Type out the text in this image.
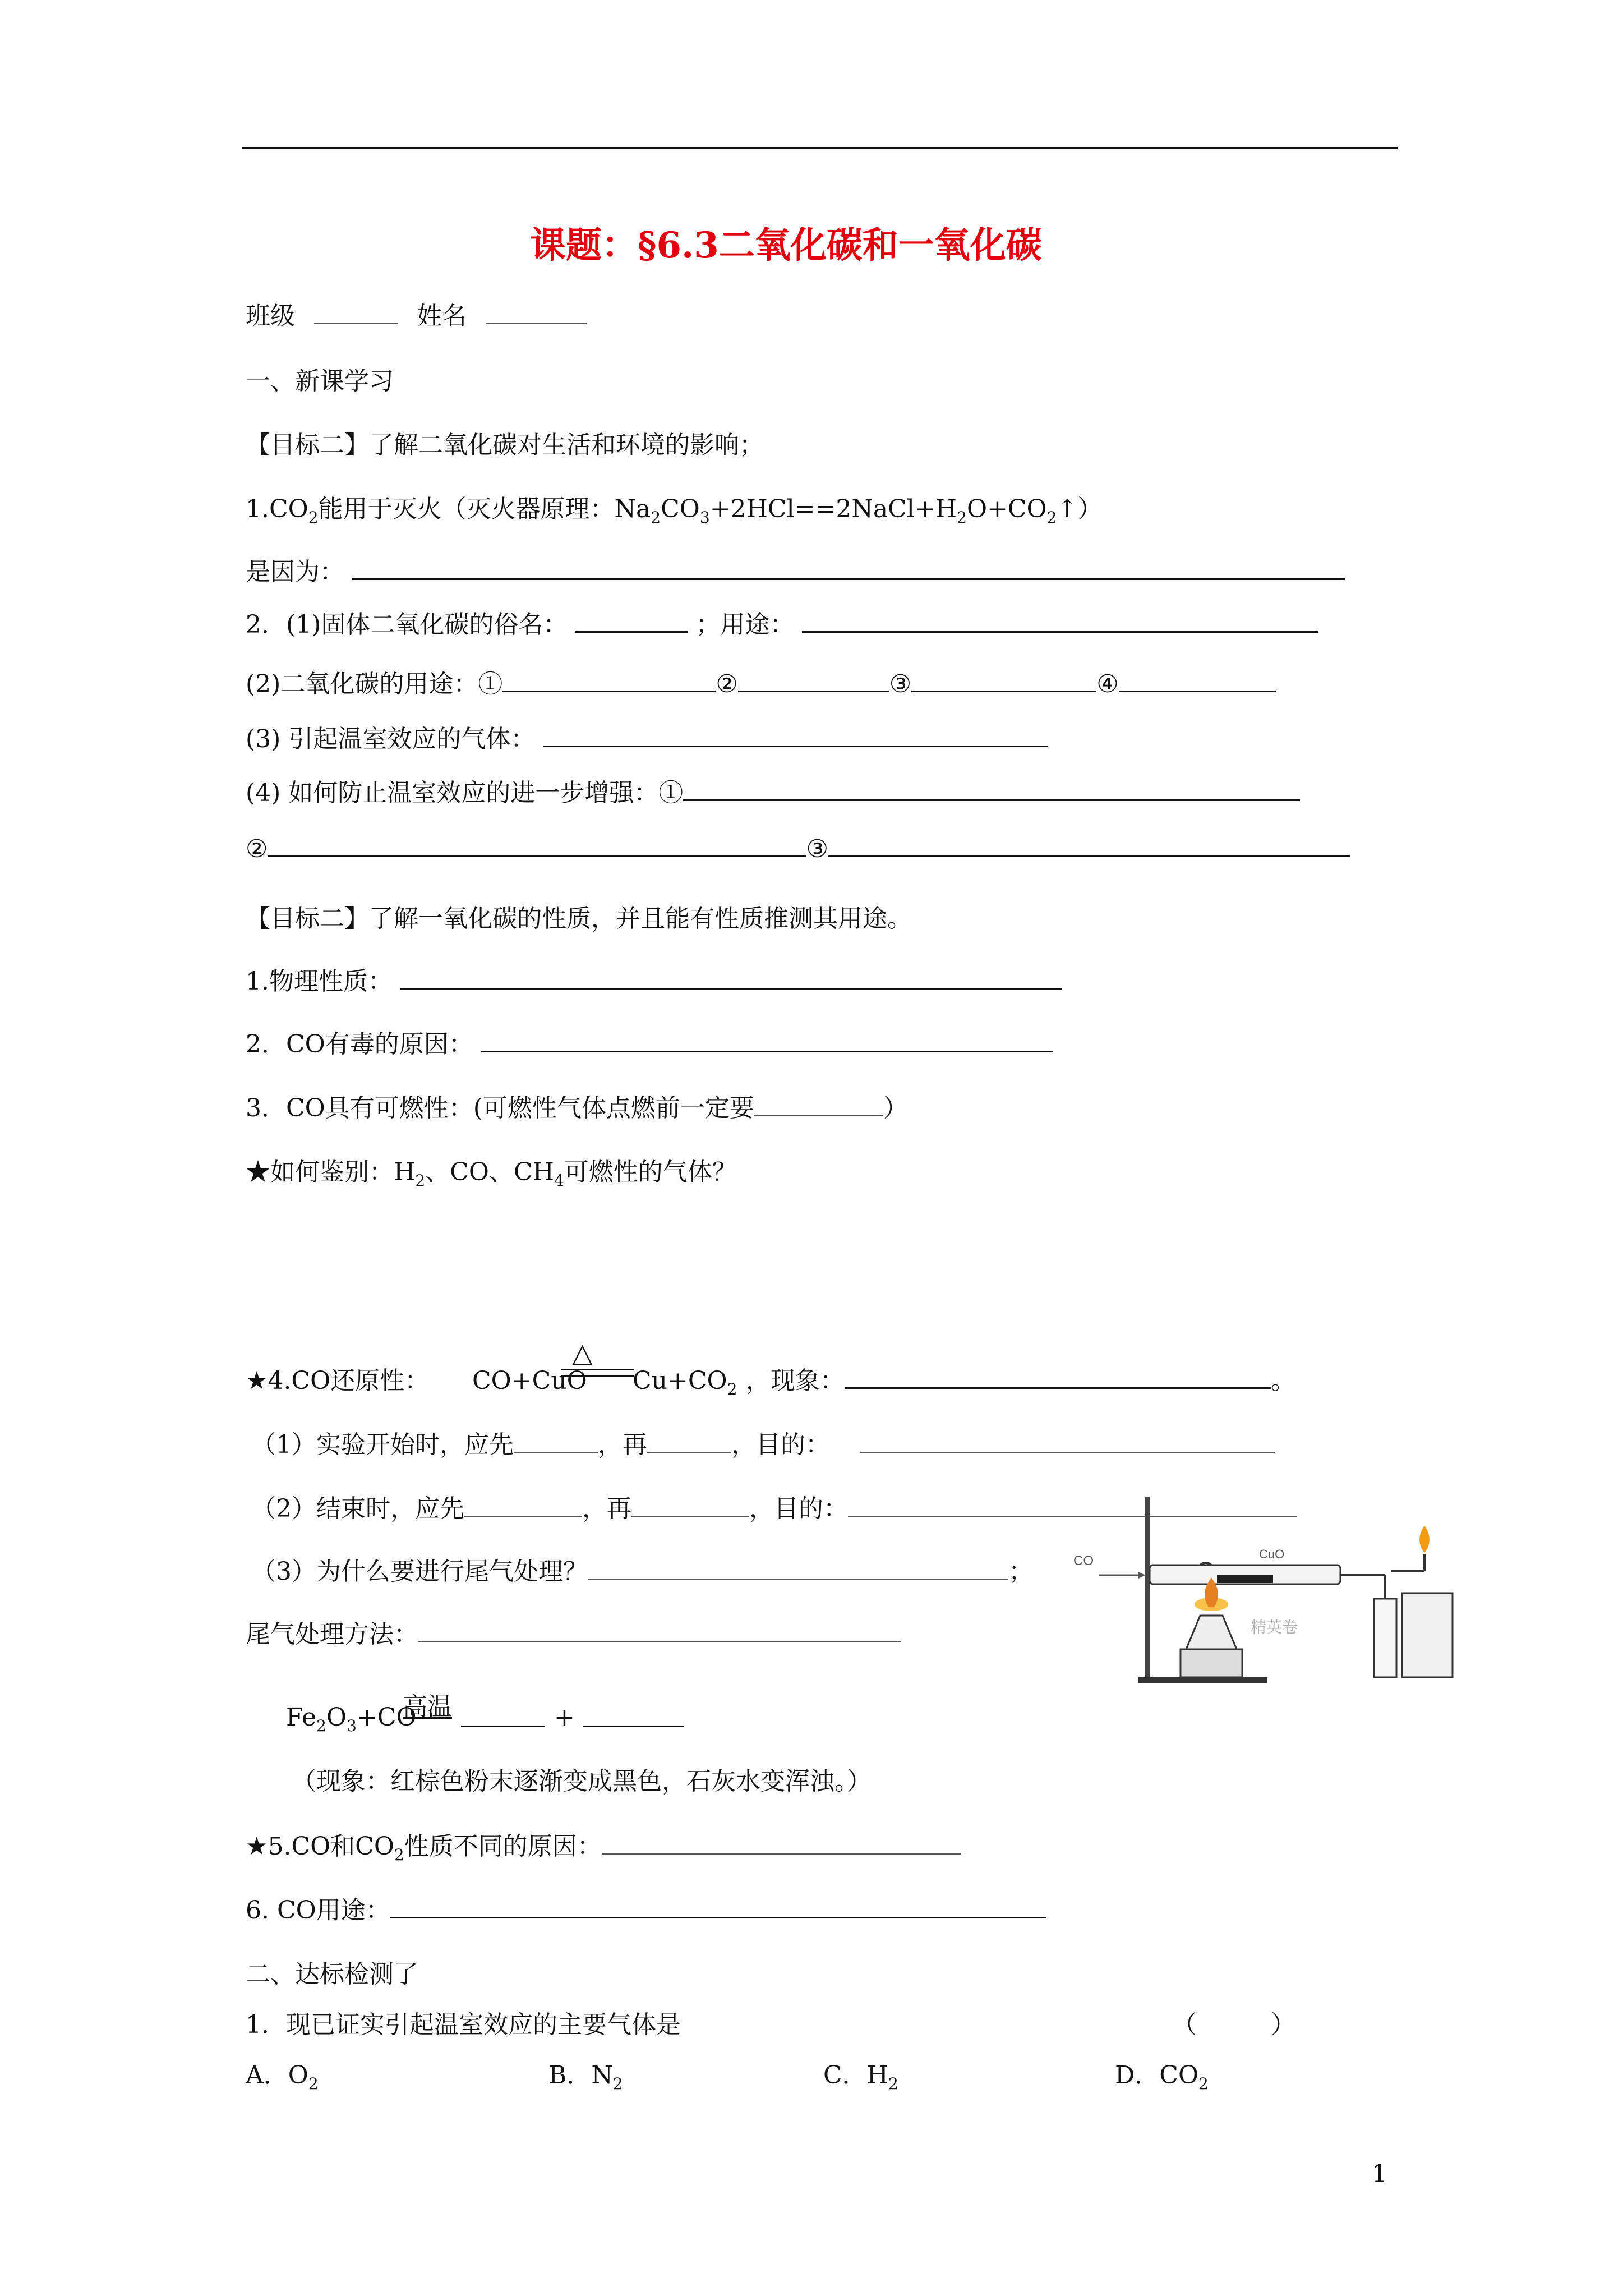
课题：§6.3二氧化碳和一氧化碳
班级	姓名
一、新课学习
【目标二】了解二氧化碳对生活和环境的影响；
$1.CO_2$能用于灭火（灭火器原理：$Na_2CO_3+2HCl==2NaCl+H_2O+CO_2↑$）
是因为：
2．(1)固体二氧化碳的俗名：	；用途：
(2)二氧化碳的用途：①	②	③	④
(3) 引起温室效应的气体：
(4) 如何防止温室效应的进一步增强：①
②	③
【目标二】了解一氧化碳的性质，并且能有性质推测其用途。
1.物理性质：
2．CO有毒的原因：
3．CO具有可燃性：(可燃性气体点燃前一定要	）
★如何鉴别：$H_2$、CO、$CH_4$可燃性的气体？
★4.CO还原性： CO+CuO
△
$Cu+CO_2$ ，现象：	。
（1）实验开始时，应先	，再	，目的：
（2）结束时，应先	，再	，目的：
（3）为什么要进行尾气处理？	；
尾气处理方法：
CO	CuO
精英卷
$Fe_2O_3+CO$
高温	+
（现象：红棕色粉末逐渐变成黑色，石灰水变浑浊。）
★5.CO和$CO_2$性质不同的原因：
6. CO用途：
二、达标检测了
1．现已证实引起温室效应的主要气体是	（　　　）
A．$O_2$	B．$N_2$	C．$H_2$	D．$CO_2$
1
